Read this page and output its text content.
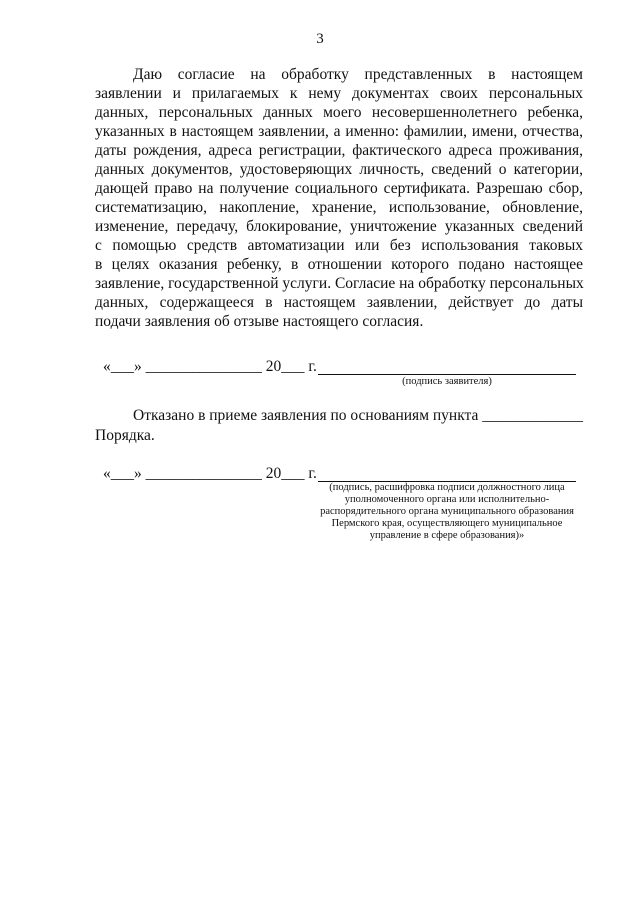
3
Даю согласие на обработку представленных в настоящем
заявлении и прилагаемых к нему документах своих персональных
данных, персональных данных моего несовершеннолетнего ребенка,
указанных в настоящем заявлении, а именно: фамилии, имени, отчества,
даты рождения, адреса регистрации, фактического адреса проживания,
данных документов, удостоверяющих личность, сведений о категории,
дающей право на получение социального сертификата. Разрешаю сбор,
систематизацию, накопление, хранение, использование, обновление,
изменение, передачу, блокирование, уничтожение указанных сведений
с помощью средств автоматизации или без использования таковых
в целях оказания ребенку, в отношении которого подано настоящее
заявление, государственной услуги. Согласие на обработку персональных
данных, содержащееся в настоящем заявлении, действует до даты
подачи заявления об отзыве настоящего согласия.
«___» _______________ 20___ г.
(подпись заявителя)
Отказано в приеме заявления по основаниям пункта _____________
Порядка.
«___» _______________ 20___ г.
(подпись, расшифровка подписи должностного лица
уполномоченного органа или исполнительно-
распорядительного органа муниципального образования
Пермского края, осуществляющего муниципальное
управление в сфере образования)»
